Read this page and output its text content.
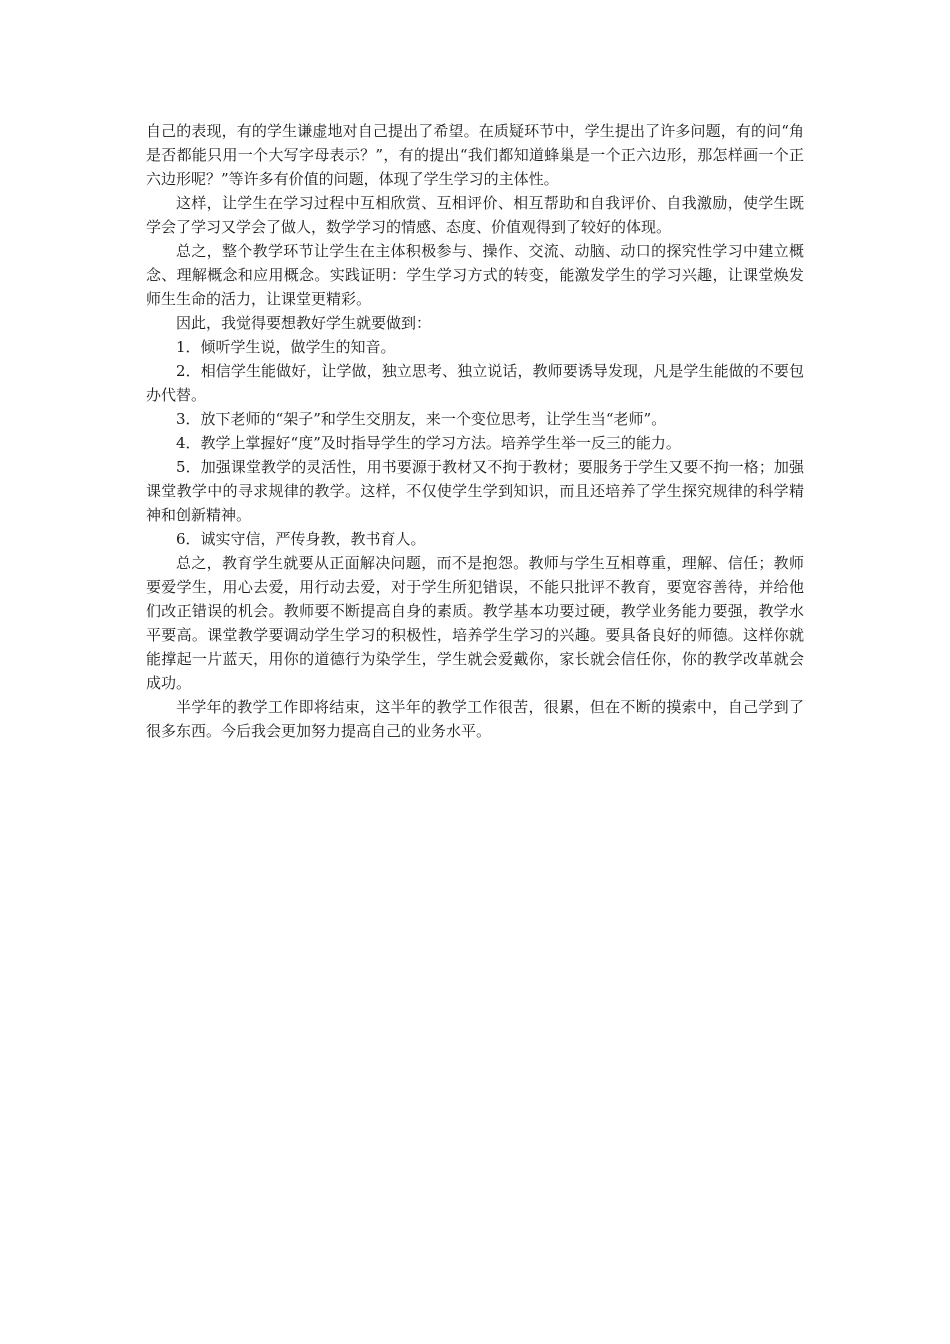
自己的表现，有的学生谦虚地对自己提出了希望。在质疑环节中，学生提出了许多问题，有的问“角是否都能只用一个大写字母表示？”，有的提出“我们都知道蜂巢是一个正六边形，那怎样画一个正六边形呢？”等许多有价值的问题，体现了学生学习的主体性。

这样，让学生在学习过程中互相欣赏、互相评价、相互帮助和自我评价、自我激励，使学生既学会了学习又学会了做人，数学学习的情感、态度、价值观得到了较好的体现。

总之，整个教学环节让学生在主体积极参与、操作、交流、动脑、动口的探究性学习中建立概念、理解概念和应用概念。实践证明：学生学习方式的转变，能激发学生的学习兴趣，让课堂焕发师生生命的活力，让课堂更精彩。

因此，我觉得要想教好学生就要做到：

1．倾听学生说，做学生的知音。

2．相信学生能做好，让学做，独立思考、独立说话，教师要诱导发现，凡是学生能做的不要包办代替。

3．放下老师的“架子”和学生交朋友，来一个变位思考，让学生当“老师”。

4．教学上掌握好“度”及时指导学生的学习方法。培养学生举一反三的能力。

5．加强课堂教学的灵活性，用书要源于教材又不拘于教材；要服务于学生又要不拘一格；加强课堂教学中的寻求规律的教学。这样，不仅使学生学到知识，而且还培养了学生探究规律的科学精神和创新精神。

6．诚实守信，严传身教，教书育人。

总之，教育学生就要从正面解决问题，而不是抱怨。教师与学生互相尊重，理解、信任；教师要爱学生，用心去爱，用行动去爱，对于学生所犯错误，不能只批评不教育，要宽容善待，并给他们改正错误的机会。教师要不断提高自身的素质。教学基本功要过硬，教学业务能力要强，教学水平要高。课堂教学要调动学生学习的积极性，培养学生学习的兴趣。要具备良好的师德。这样你就能撑起一片蓝天，用你的道德行为染学生，学生就会爱戴你，家长就会信任你，你的教学改革就会成功。

半学年的教学工作即将结束，这半年的教学工作很苦，很累，但在不断的摸索中，自己学到了很多东西。今后我会更加努力提高自己的业务水平。
